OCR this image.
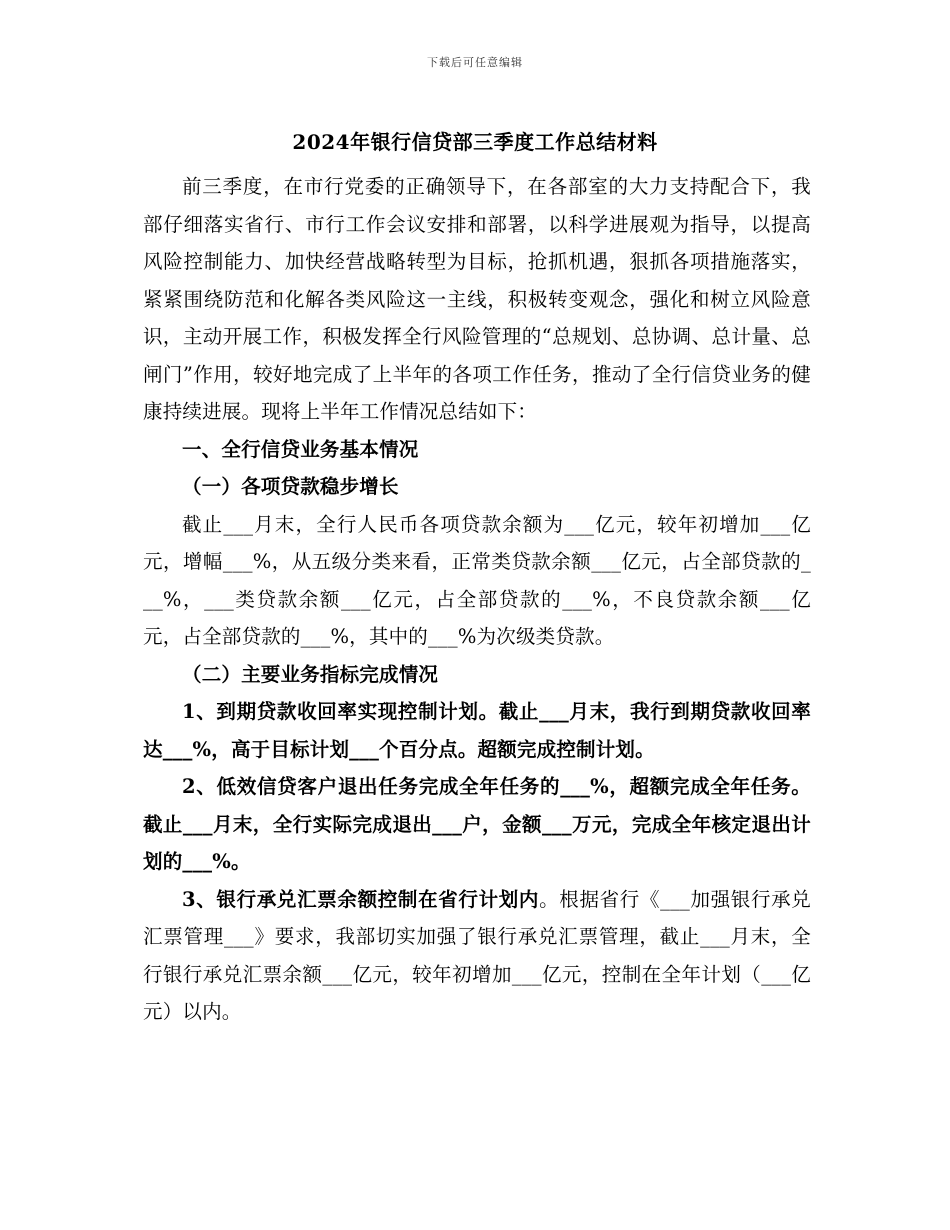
下载后可任意编辑
2024年银行信贷部三季度工作总结材料

前三季度，在市行党委的正确领导下，在各部室的大力支持配合下，我部仔细落实省行、市行工作会议安排和部署，以科学进展观为指导，以提高风险控制能力、加快经营战略转型为目标，抢抓机遇，狠抓各项措施落实，紧紧围绕防范和化解各类风险这一主线，积极转变观念，强化和树立风险意识，主动开展工作，积极发挥全行风险管理的“总规划、总协调、总计量、总闸门”作用，较好地完成了上半年的各项工作任务，推动了全行信贷业务的健康持续进展。现将上半年工作情况总结如下：

一、全行信贷业务基本情况

（一）各项贷款稳步增长

截止___月末，全行人民币各项贷款余额为___亿元，较年初增加___亿元，增幅___%，从五级分类来看，正常类贷款余额___亿元，占全部贷款的___%，___类贷款余额___亿元，占全部贷款的___%，不良贷款余额___亿元，占全部贷款的___%，其中的___%为次级类贷款。

（二）主要业务指标完成情况

1、到期贷款收回率实现控制计划。截止___月末，我行到期贷款收回率达___%，高于目标计划___个百分点。超额完成控制计划。

2、低效信贷客户退出任务完成全年任务的___%，超额完成全年任务。截止___月末，全行实际完成退出___户，金额___万元，完成全年核定退出计划的___%。

3、银行承兑汇票余额控制在省行计划内。根据省行《___加强银行承兑汇票管理___》要求，我部切实加强了银行承兑汇票管理，截止___月末，全行银行承兑汇票余额___亿元，较年初增加___亿元，控制在全年计划（___亿元）以内。
